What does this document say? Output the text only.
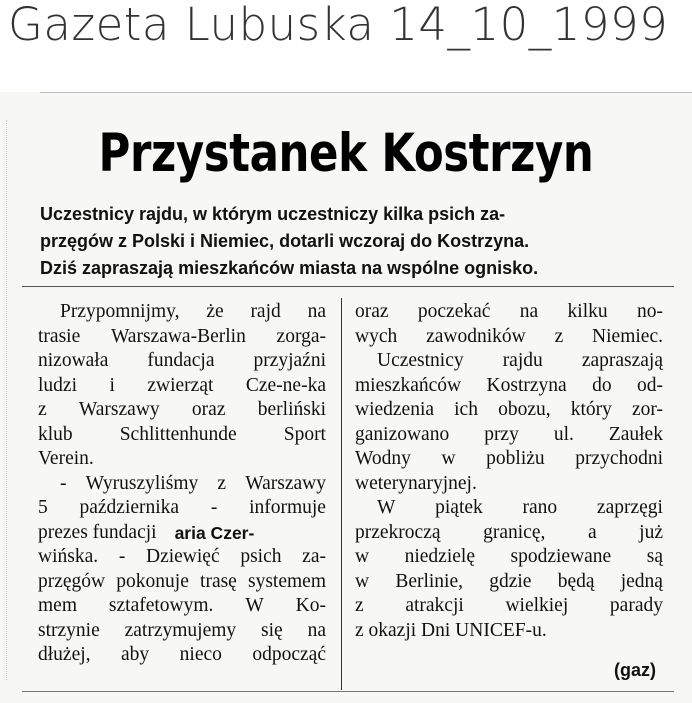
Gazeta Lubuska 14_10_1999
Przystanek Kostrzyn
Uczestnicy rajdu, w którym uczestniczy kilka psich za-
przęgów z Polski i Niemiec, dotarli wczoraj do Kostrzyna.
Dziś zapraszają mieszkańców miasta na wspólne ognisko.
Przypomnijmy, że rajd na
trasie Warszawa-Berlin zorga-
nizowała fundacja przyjaźni
ludzi i zwierząt Cze-ne-ka
z Warszawy oraz berliński
klub Schlittenhunde Sport
Verein.
- Wyruszyliśmy z Warszawy
5 października - informuje
prezes fundacji aria Czer-
wińska. - Dziewięć psich za-
przęgów pokonuje trasę systemem
mem sztafetowym. W Ko-
strzynie zatrzymujemy się na
dłużej, aby nieco odpocząć
oraz poczekać na kilku no-
wych zawodników z Niemiec.
Uczestnicy rajdu zapraszają
mieszkańców Kostrzyna do od-
wiedzenia ich obozu, który zor-
ganizowano przy ul. Zaułek
Wodny w pobliżu przychodni
weterynaryjnej.
W piątek rano zaprzęgi
przekroczą granicę, a już
w niedzielę spodziewane są
w Berlinie, gdzie będą jedną
z atrakcji wielkiej parady
z okazji Dni UNICEF-u.
(gaz)
